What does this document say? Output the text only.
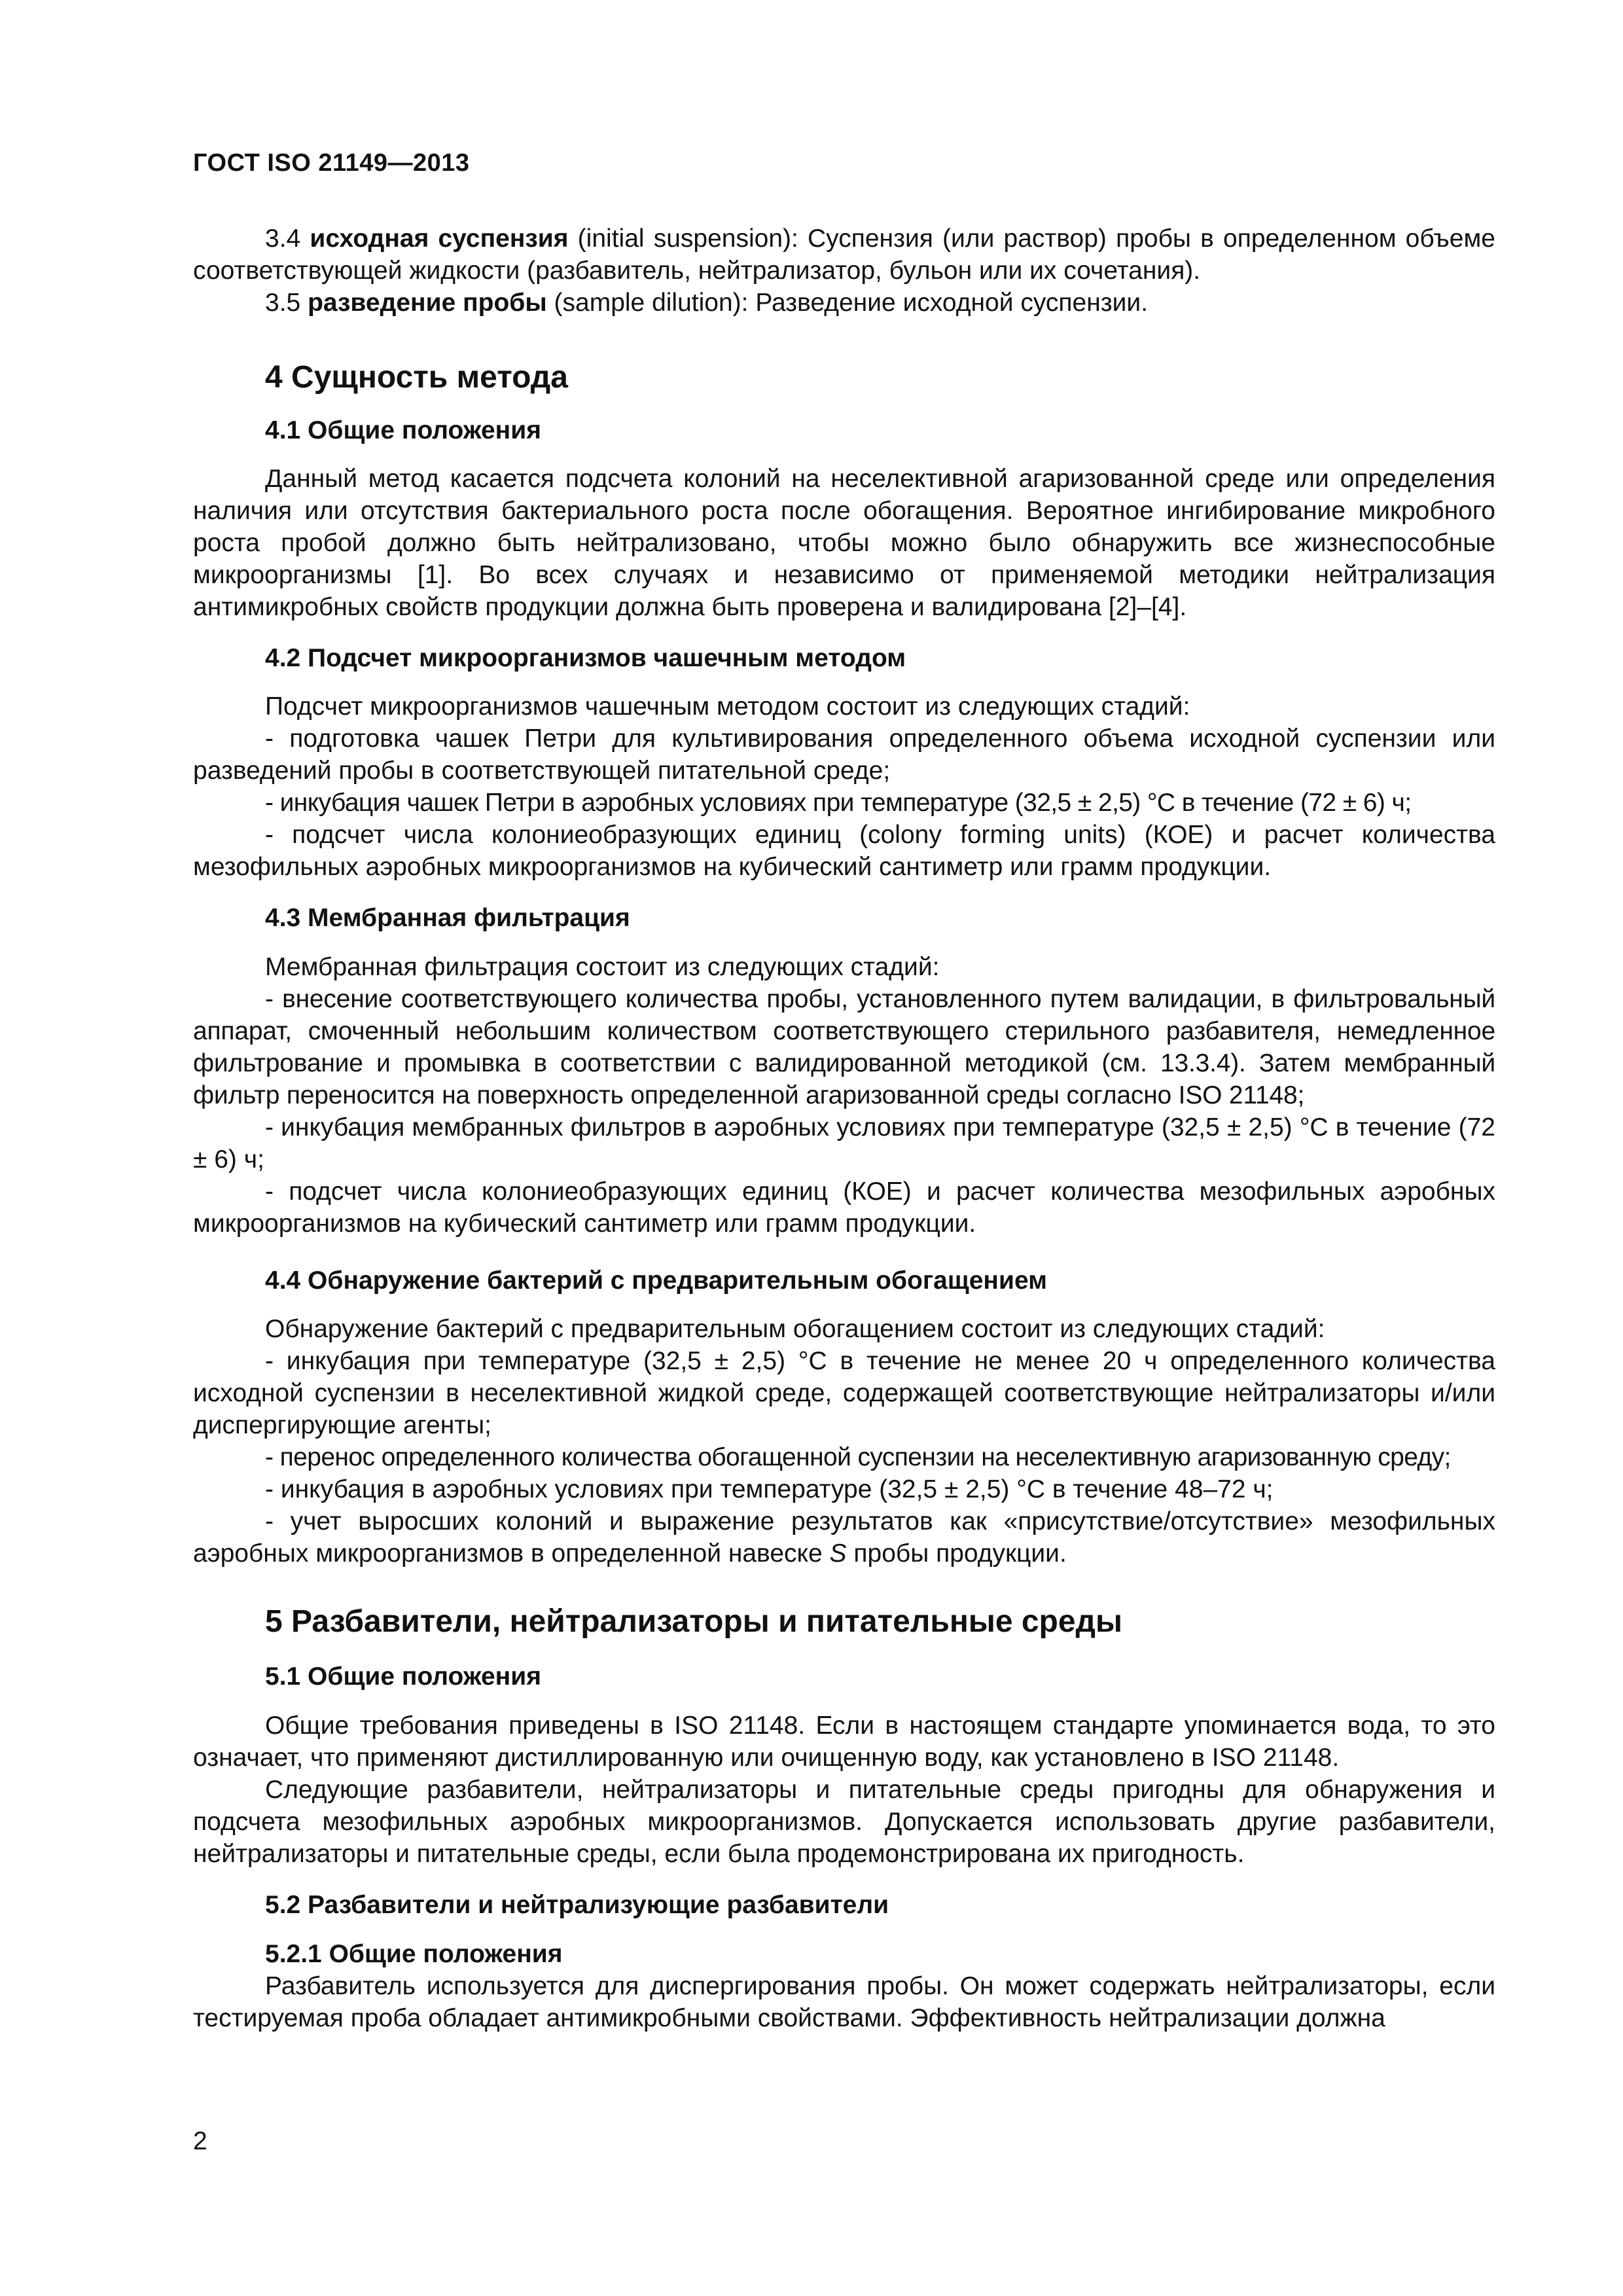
ГОСТ ISO 21149—2013

3.4 исходная суспензия (initial suspension): Суспензия (или раствор) пробы в определенном объеме соответствующей жидкости (разбавитель, нейтрализатор, бульон или их сочетания).

3.5 разведение пробы (sample dilution): Разведение исходной суспензии.

4 Сущность метода
4.1 Общие положения

Данный метод касается подсчета колоний на неселективной агаризованной среде или определения наличия или отсутствия бактериального роста после обогащения. Вероятное ингибирование микробного роста пробой должно быть нейтрализовано, чтобы можно было обнаружить все жизнеспособные микроорганизмы [1]. Во всех случаях и независимо от применяемой методики нейтрализация антимикробных свойств продукции должна быть проверена и валидирована [2]–[4].

4.2 Подсчет микроорганизмов чашечным методом

Подсчет микроорганизмов чашечным методом состоит из следующих стадий:

- подготовка чашек Петри для культивирования определенного объема исходной суспензии или разведений пробы в соответствующей питательной среде;

- инкубация чашек Петри в аэробных условиях при температуре (32,5 ± 2,5) °С в течение (72 ± 6) ч;

- подсчет числа колониеобразующих единиц (colony forming units) (КОЕ) и расчет количества мезофильных аэробных микроорганизмов на кубический сантиметр или грамм продукции.

4.3 Мембранная фильтрация

Мембранная фильтрация состоит из следующих стадий:

- внесение соответствующего количества пробы, установленного путем валидации, в фильтровальный аппарат, смоченный небольшим количеством соответствующего стерильного разбавителя, немедленное фильтрование и промывка в соответствии с валидированной методикой (см. 13.3.4). Затем мембранный фильтр переносится на поверхность определенной агаризованной среды согласно ISO 21148;

- инкубация мембранных фильтров в аэробных условиях при температуре (32,5 ± 2,5) °С в течение (72 ± 6) ч;

- подсчет числа колониеобразующих единиц (КОЕ) и расчет количества мезофильных аэробных микроорганизмов на кубический сантиметр или грамм продукции.

4.4 Обнаружение бактерий с предварительным обогащением

Обнаружение бактерий с предварительным обогащением состоит из следующих стадий:

- инкубация при температуре (32,5 ± 2,5) °С в течение не менее 20 ч определенного количества исходной суспензии в неселективной жидкой среде, содержащей соответствующие нейтрализаторы и/или диспергирующие агенты;

- перенос определенного количества обогащенной суспензии на неселективную агаризованную среду;

- инкубация в аэробных условиях при температуре (32,5 ± 2,5) °С в течение 48–72 ч;

- учет выросших колоний и выражение результатов как «присутствие/отсутствие» мезофильных аэробных микроорганизмов в определенной навеске S пробы продукции.

5 Разбавители, нейтрализаторы и питательные среды
5.1 Общие положения

Общие требования приведены в ISO 21148. Если в настоящем стандарте упоминается вода, то это означает, что применяют дистиллированную или очищенную воду, как установлено в ISO 21148.

Следующие разбавители, нейтрализаторы и питательные среды пригодны для обнаружения и подсчета мезофильных аэробных микроорганизмов. Допускается использовать другие разбавители, нейтрализаторы и питательные среды, если была продемонстрирована их пригодность.

5.2 Разбавители и нейтрализующие разбавители
5.2.1 Общие положения

Разбавитель используется для диспергирования пробы. Он может содержать нейтрализаторы, если тестируемая проба обладает антимикробными свойствами. Эффективность нейтрализации должна

2
